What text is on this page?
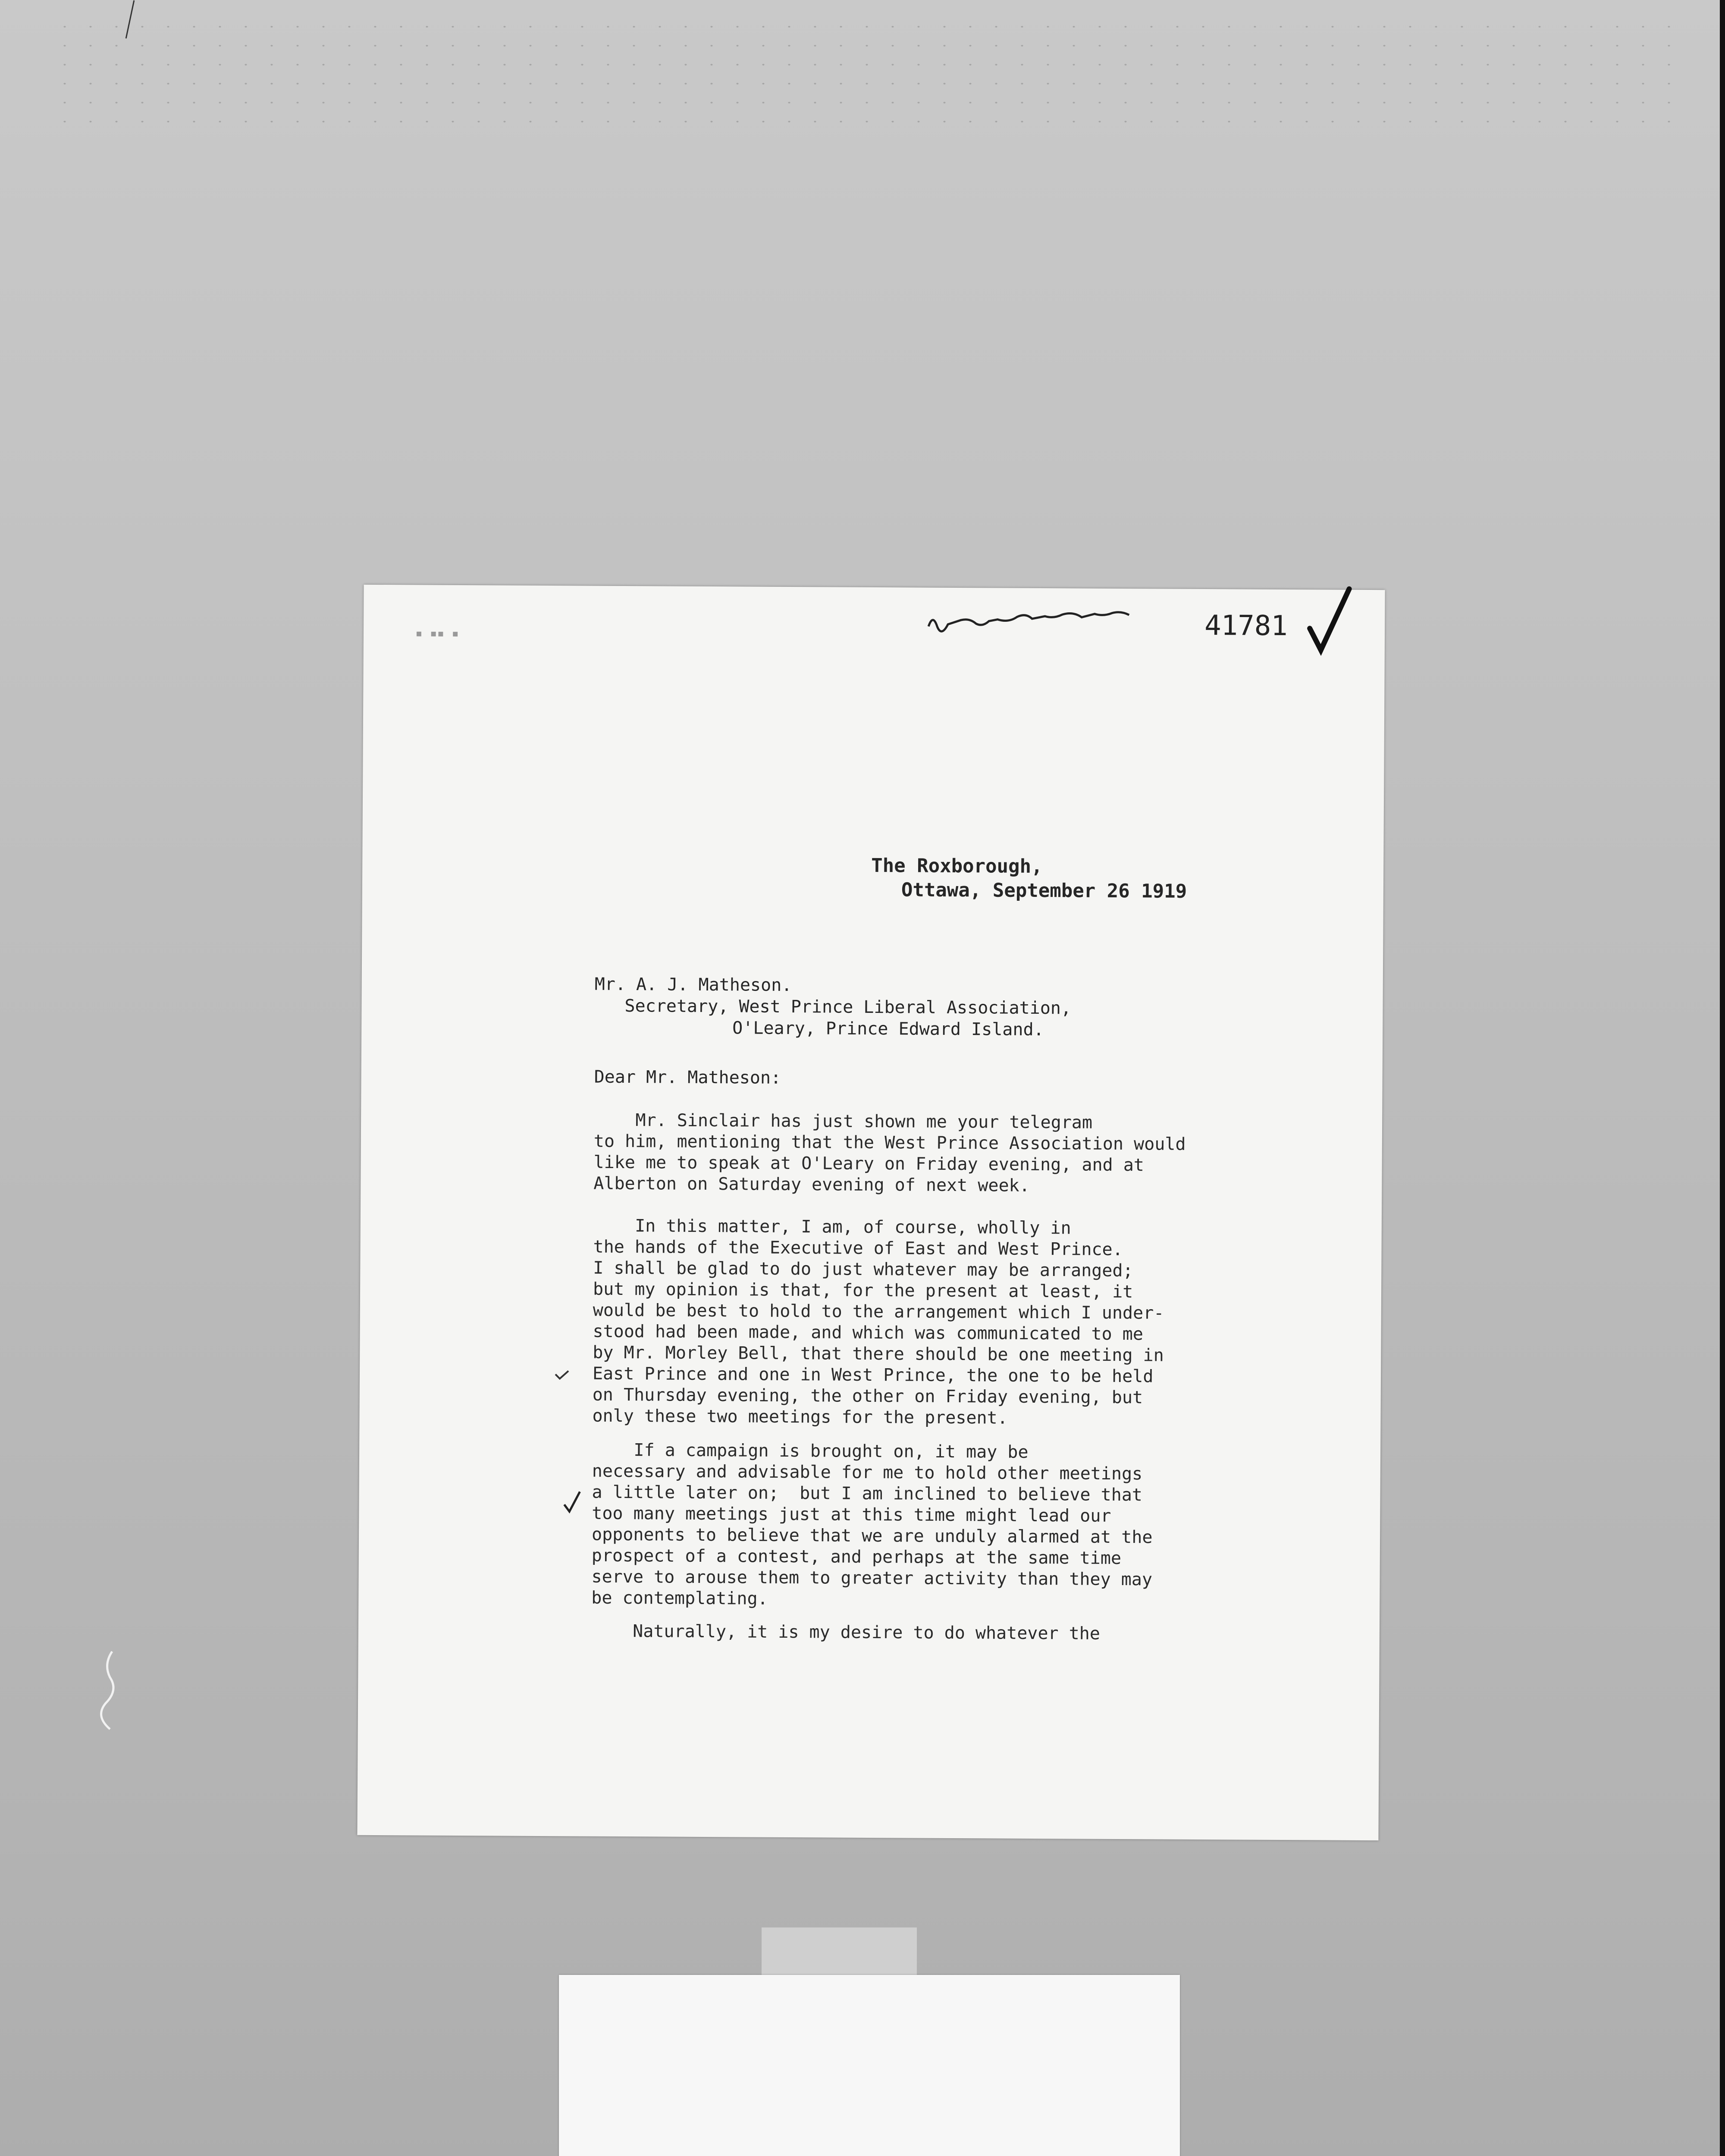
▪ ▪▪ ▪	41781
The Roxborough,
Ottawa, September 26 1919
Mr. A. J. Matheson.
Secretary, West Prince Liberal Association,
O'Leary, Prince Edward Island.
Dear Mr. Matheson:
Mr. Sinclair has just shown me your telegram
to him, mentioning that the West Prince Association would
like me to speak at O'Leary on Friday evening, and at
Alberton on Saturday evening of next week.
In this matter, I am, of course, wholly in
the hands of the Executive of East and West Prince.
I shall be glad to do just whatever may be arranged;
but my opinion is that, for the present at least, it
would be best to hold to the arrangement which I under-
stood had been made, and which was communicated to me
by Mr. Morley Bell, that there should be one meeting in
East Prince and one in West Prince, the one to be held
on Thursday evening, the other on Friday evening, but
only these two meetings for the present.
If a campaign is brought on, it may be
necessary and advisable for me to hold other meetings
a little later on;  but I am inclined to believe that
too many meetings just at this time might lead our
opponents to believe that we are unduly alarmed at the
prospect of a contest, and perhaps at the same time
serve to arouse them to greater activity than they may
be contemplating.
Naturally, it is my desire to do whatever the
